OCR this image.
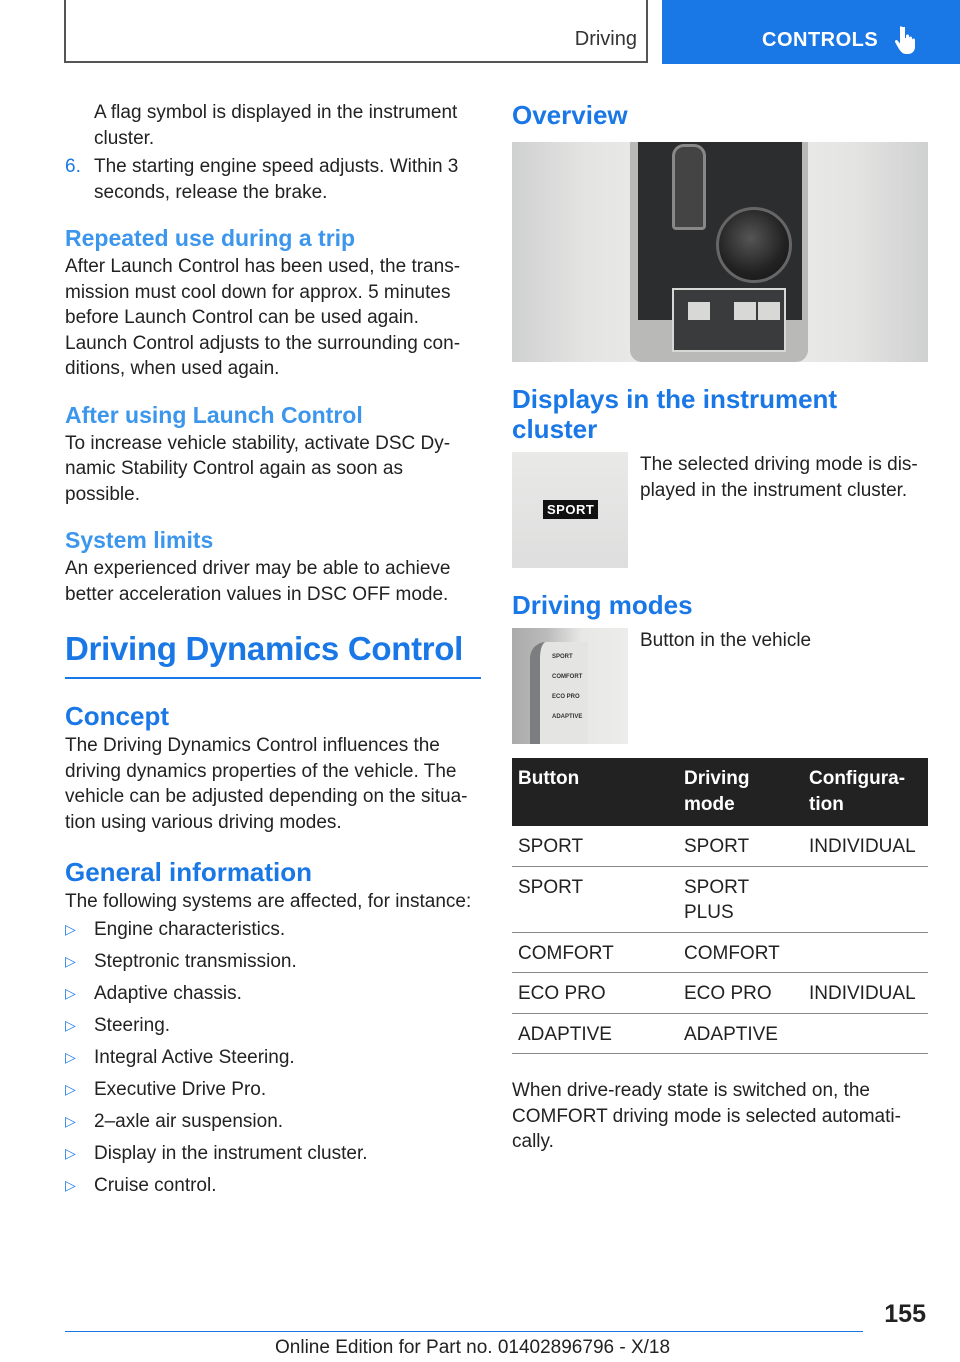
Driving	CONTROLS

A flag symbol is displayed in the instrument cluster.

6. The starting engine speed adjusts. Within 3 seconds, release the brake.

Repeated use during a trip

After Launch Control has been used, the transmission must cool down for approx. 5 minutes before Launch Control can be used again. Launch Control adjusts to the surrounding conditions, when used again.

After using Launch Control

To increase vehicle stability, activate DSC Dynamic Stability Control again as soon as possible.

System limits

An experienced driver may be able to achieve better acceleration values in DSC OFF mode.

Driving Dynamics Control
Concept

The Driving Dynamics Control influences the driving dynamics properties of the vehicle. The vehicle can be adjusted depending on the situation using various driving modes.

General information

The following systems are affected, for instance:

▷ Engine characteristics.
▷ Steptronic transmission.
▷ Adaptive chassis.
▷ Steering.
▷ Integral Active Steering.
▷ Executive Drive Pro.
▷ 2–axle air suspension.
▷ Display in the instrument cluster.
▷ Cruise control.
Overview
Displays in the instrument cluster
SPORT
The selected driving mode is displayed in the instrument cluster.
Driving modes
SPORT
COMFORT
ECO PRO
ADAPTIVE
Button in the vehicle
Button	Driving mode	Configuration
SPORT	SPORT	INDIVIDUAL
SPORT	SPORT PLUS	
COMFORT	COMFORT	
ECO PRO	ECO PRO	INDIVIDUAL
ADAPTIVE	ADAPTIVE	

When drive-ready state is switched on, the COMFORT driving mode is selected automatically.

155
Online Edition for Part no. 01402896796 - X/18
